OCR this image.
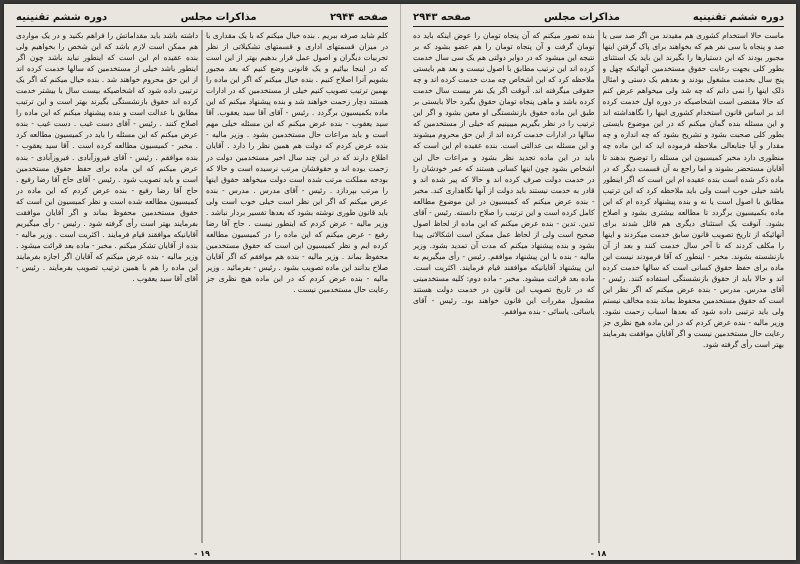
دوره ششم تقنینیه
مذاکرات مجلس
صفحه ۲۹۴۳

ماست حالا استخدام کشوری هم مقیدند من اگر صد سی یا صد و پنجاه یا سی نفر هم که بخواهند برای پاک گرفتن اینها مجبور بودند که این دستیارها را بگیرند این باید یک استثنای بطور کلی بجهت رعایت حقوق مستخدمین آنهائیکه چهل و پنج سال بخدمت مشغول بودند و بعدهم یک دستی و امثال ذلک اینها را نمی دانم که چه شد ولی میخواهم عرض کنم که حالا مقتضی است اشخاصیکه در دوره اول خدمت کرده اند بر اساس قانون استخدام کشوری اینها را نگاهداشته اند و این مسئله بنده گمان میکنم که در این موضوع بایستی بطور کلی صحبت بشود و تشریح بشود که چه اندازه و چه مقدار و آیا جنابعالی ملاحظه فرموده اید که این ماده چه منظوری دارد مخبر کمیسیون این مسئله را توضیح بدهند تا آقایان مستحضر بشوند و اما راجع به آن قسمت دیگر که در ماده ذکر شده است بنده عقیده ام این است که اگر اینطور باشد خیلی خوب است ولی باید ملاحظه کرد که این ترتیب مطابق با اصول است یا نه و بنده پیشنهاد کرده ام که این ماده بکمیسیون برگردد تا مطالعه بیشتری بشود و اصلاح بشود. آنوقت یک استثنای دیگری هم قائل شدند برای آنهائیکه از تاریخ تصویب قانون سابق خدمت میکردند و اینها را مکلف کردند که تا آخر سال خدمت کنند و بعد از آن بازنشسته بشوند. مخبر - اینطور که آقا فرمودند نیست این ماده برای حفظ حقوق کسانی است که سالها خدمت کرده اند و حالا باید از حقوق بازنشستگی استفاده کنند. رئیس - آقای مدرس. مدرس - بنده عرض میکنم که اگر نظر این است که حقوق مستخدمین محفوظ بماند بنده مخالف نیستم ولی باید ترتیبی داده شود که بعدها اسباب زحمت نشود. وزیر مالیه - بنده عرض کردم که در این ماده هیچ نظری جز رعایت حال مستخدمین نیست و اگر آقایان موافقت بفرمایند بهتر است رأی گرفته شود.

بنده تصور میکنم که آن پنجاه تومان را عوض اینکه باید ده تومان گرفت و آن پنجاه تومان را هم عضو بشود که بر نتیجه این میشود که در دوایر دولتی هم یک سی سال خدمت کرده اند این ترتیب مطابق با اصول نیست و بعد هم بایستی ملاحظه کرد که این اشخاص چه مدت خدمت کرده اند و چه حقوقی میگرفته اند. آنوقت اگر یک نفر بیست سال خدمت کرده باشد و ماهی پنجاه تومان حقوق بگیرد حالا بایستی بر طبق این ماده حقوق بازنشستگی او معین بشود و اگر این ترتیب را در نظر بگیریم میبینیم که خیلی از مستخدمین که سالها در ادارات خدمت کرده اند از این حق محروم میشوند و این مسئله بی عدالتی است. بنده عقیده ام این است که باید در این ماده تجدید نظر بشود و مراعات حال این اشخاص بشود چون اینها کسانی هستند که عمر خودشان را در خدمت دولت صرف کرده اند و حالا که پیر شده اند و قادر به خدمت نیستند باید دولت از آنها نگاهداری کند. مخبر - بنده عرض میکنم که کمیسیون در این موضوع مطالعه کامل کرده است و این ترتیب را صلاح دانسته. رئیس - آقای تدین. تدین - بنده عرض میکنم که این ماده از لحاظ اصول صحیح است ولی از لحاظ عمل ممکن است اشکالاتی پیدا بشود و بنده پیشنهاد میکنم که مدت آن تمدید بشود. وزیر مالیه - بنده با این پیشنهاد موافقم. رئیس - رأی میگیریم به این پیشنهاد آقایانیکه موافقند قیام فرمایند. اکثریت است. ماده بعد قرائت میشود. مخبر - ماده دوم: کلیه مستخدمینی که در تاریخ تصویب این قانون در خدمت دولت هستند مشمول مقررات این قانون خواهند بود. رئیس - آقای یاسائی. یاسائی - بنده موافقم.

۱۸ -
صفحه ۲۹۴۴
مذاکرات مجلس
دوره ششم تقنینیه

کلم شاید صرفه ببریم . بنده خیال میکنم که با یک مقداری با در میزان قسمتهای اداری و قسمتهای تشکیلاتی از نظر تجربیات دیگران و اصول عمل قرار بدهیم بهتر از این است که در اینجا بیائیم و یک قانونی وضع کنیم که بعد مجبور بشویم آنرا اصلاح کنیم . بنده خیال میکنم که اگر این ماده را بهمین ترتیب تصویب کنیم خیلی از مستخدمین که در ادارات هستند دچار زحمت خواهند شد و بنده پیشنهاد میکنم که این ماده بکمیسیون برگردد . رئیس - آقای آقا سید یعقوب. آقا سید یعقوب - بنده عرض میکنم که این مسئله خیلی مهم است و باید مراعات حال مستخدمین بشود . وزیر مالیه - بنده عرض کردم که دولت هم همین نظر را دارد . آقایان اطلاع دارند که در این چند سال اخیر مستخدمین دولت در زحمت بوده اند و حقوقشان مرتب نرسیده است و حالا که بودجه مملکت مرتب شده است دولت میخواهد حقوق اینها را مرتب بپردازد . رئیس - آقای مدرس . مدرس - بنده عرض میکنم که اگر این نظر است خیلی خوب است ولی باید قانون طوری نوشته بشود که بعدها تفسیر بردار نباشد . وزیر مالیه - عرض کردم که اینطور نیست . حاج آقا رضا رفیع - عرض میکنم که این ماده را در کمیسیون مطالعه کرده ایم و نظر کمیسیون این است که حقوق مستخدمین محفوظ بماند . وزیر مالیه - بنده هم موافقم که اگر آقایان صلاح بدانند این ماده تصویب بشود . رئیس - بفرمائید . وزیر مالیه - بنده عرض کردم که در این ماده هیچ نظری جز رعایت حال مستخدمین نیست .

داشته باشد باید مقداماتش را فراهم بکنید و در یک مواردی هم ممکن است لازم باشد که این شخص را بخواهیم ولی بنده عقیده ام این است که اینطور نباید باشد چون اگر اینطور باشد خیلی از مستخدمین که سالها خدمت کرده اند از این حق محروم خواهند شد . بنده خیال میکنم که اگر یک ترتیبی داده شود که اشخاصیکه بیست سال یا بیشتر خدمت کرده اند حقوق بازنشستگی بگیرند بهتر است و این ترتیب مطابق با عدالت است و بنده پیشنهاد میکنم که این ماده را اصلاح کنند . رئیس - آقای دست غیب . دست غیب - بنده عرض میکنم که این مسئله را باید در کمیسیون مطالعه کرد . مخبر - کمیسیون مطالعه کرده است . آقا سید یعقوب - بنده موافقم . رئیس - آقای فیروزآبادی . فیروزآبادی - بنده عرض میکنم که این ماده برای حفظ حقوق مستخدمین است و باید تصویب شود . رئیس - آقای حاج آقا رضا رفیع . حاج آقا رضا رفیع - بنده عرض کردم که این ماده در کمیسیون مطالعه شده است و نظر کمیسیون این است که حقوق مستخدمین محفوظ بماند و اگر آقایان موافقت بفرمایند بهتر است رأی گرفته شود . رئیس - رأی میگیریم آقایانیکه موافقند قیام فرمایند . اکثریت است . وزیر مالیه - بنده از آقایان تشکر میکنم . مخبر - ماده بعد قرائت میشود . وزیر مالیه - بنده عرض میکنم که آقایان اگر اجازه بفرمایند این ماده را هم با همین ترتیب تصویب بفرمایند . رئیس - آقای آقا سید یعقوب .

۱۹ -
